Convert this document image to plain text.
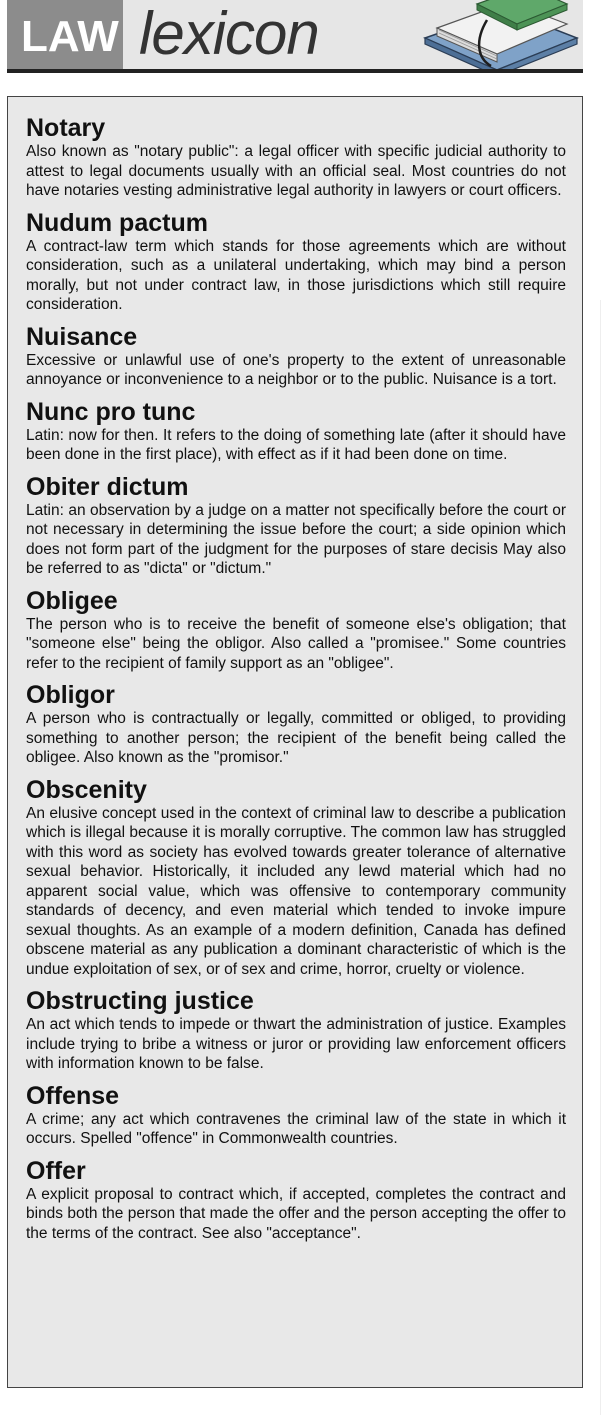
LAW lexicon
Notary

Also known as "notary public": a legal officer with specific judicial authority to attest to legal documents usually with an official seal. Most countries do not have notaries vesting administrative legal authority in lawyers or court officers.

Nudum pactum

A contract-law term which stands for those agreements which are without consideration, such as a unilateral undertaking, which may bind a person morally, but not under contract law, in those jurisdictions which still require consideration.

Nuisance

Excessive or unlawful use of one's property to the extent of unreasonable annoyance or inconvenience to a neighbor or to the public. Nuisance is a tort.

Nunc pro tunc

Latin: now for then. It refers to the doing of something late (after it should have been done in the first place), with effect as if it had been done on time.

Obiter dictum

Latin: an observation by a judge on a matter not specifically before the court or not necessary in determining the issue before the court; a side opinion which does not form part of the judgment for the purposes of stare decisis May also be referred to as "dicta" or "dictum."

Obligee

The person who is to receive the benefit of someone else's obligation; that "someone else" being the obligor. Also called a "promisee." Some countries refer to the recipient of family support as an "obligee".

Obligor

A person who is contractually or legally, committed or obliged, to providing something to another person; the recipient of the benefit being called the obligee. Also known as the "promisor."

Obscenity

An elusive concept used in the context of criminal law to describe a publication which is illegal because it is morally corruptive. The common law has struggled with this word as society has evolved towards greater tolerance of alternative sexual behavior. Historically, it included any lewd material which had no apparent social value, which was offensive to contemporary community standards of decency, and even material which tended to invoke impure sexual thoughts. As an example of a modern definition, Canada has defined obscene material as any publication a dominant characteristic of which is the undue exploitation of sex, or of sex and crime, horror, cruelty or violence.

Obstructing justice

An act which tends to impede or thwart the administration of justice. Examples include trying to bribe a witness or juror or providing law enforcement officers with information known to be false.

Offense

A crime; any act which contravenes the criminal law of the state in which it occurs. Spelled "offence" in Commonwealth countries.

Offer

A explicit proposal to contract which, if accepted, completes the contract and binds both the person that made the offer and the person accepting the offer to the terms of the contract. See also "acceptance".
